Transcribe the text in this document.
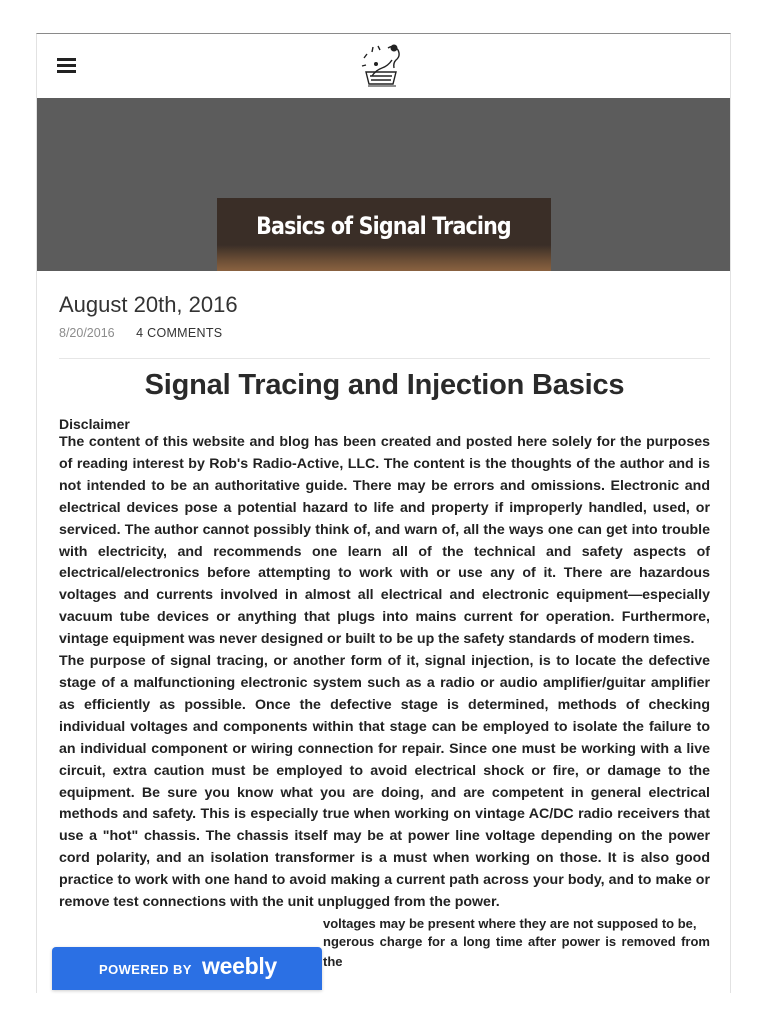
Basics of Signal Tracing
August 20th, 2016
8/20/2016 4 COMMENTS
Signal Tracing and Injection Basics
Disclaimer

The content of this website and blog has been created and posted here solely for the purposes of reading interest by Rob's Radio-Active, LLC. The content is the thoughts of the author and is not intended to be an authoritative guide. There may be errors and omissions. Electronic and electrical devices pose a potential hazard to life and property if improperly handled, used, or serviced. The author cannot possibly think of, and warn of, all the ways one can get into trouble with electricity, and recommends one learn all of the technical and safety aspects of electrical/electronics before attempting to work with or use any of it. There are hazardous voltages and currents involved in almost all electrical and electronic equipment—especially vacuum tube devices or anything that plugs into mains current for operation. Furthermore, vintage equipment was never designed or built to be up the safety standards of modern times.

The purpose of signal tracing, or another form of it, signal injection, is to locate the defective stage of a malfunctioning electronic system such as a radio or audio amplifier/guitar amplifier as efficiently as possible. Once the defective stage is determined, methods of checking individual voltages and components within that stage can be employed to isolate the failure to an individual component or wiring connection for repair. Since one must be working with a live circuit, extra caution must be employed to avoid electrical shock or fire, or damage to the equipment. Be sure you know what you are doing, and are competent in general electrical methods and safety. This is especially true when working on vintage AC/DC radio receivers that use a "hot" chassis. The chassis itself may be at power line voltage depending on the power cord polarity, and an isolation transformer is a must when working on those. It is also good practice to work with one hand to avoid making a current path across your body, and to make or remove test connections with the unit unplugged from the power.

voltages may be present where they are not supposed to be,

ngerous charge for a long time after power is removed from the

POWERED BY weebly
